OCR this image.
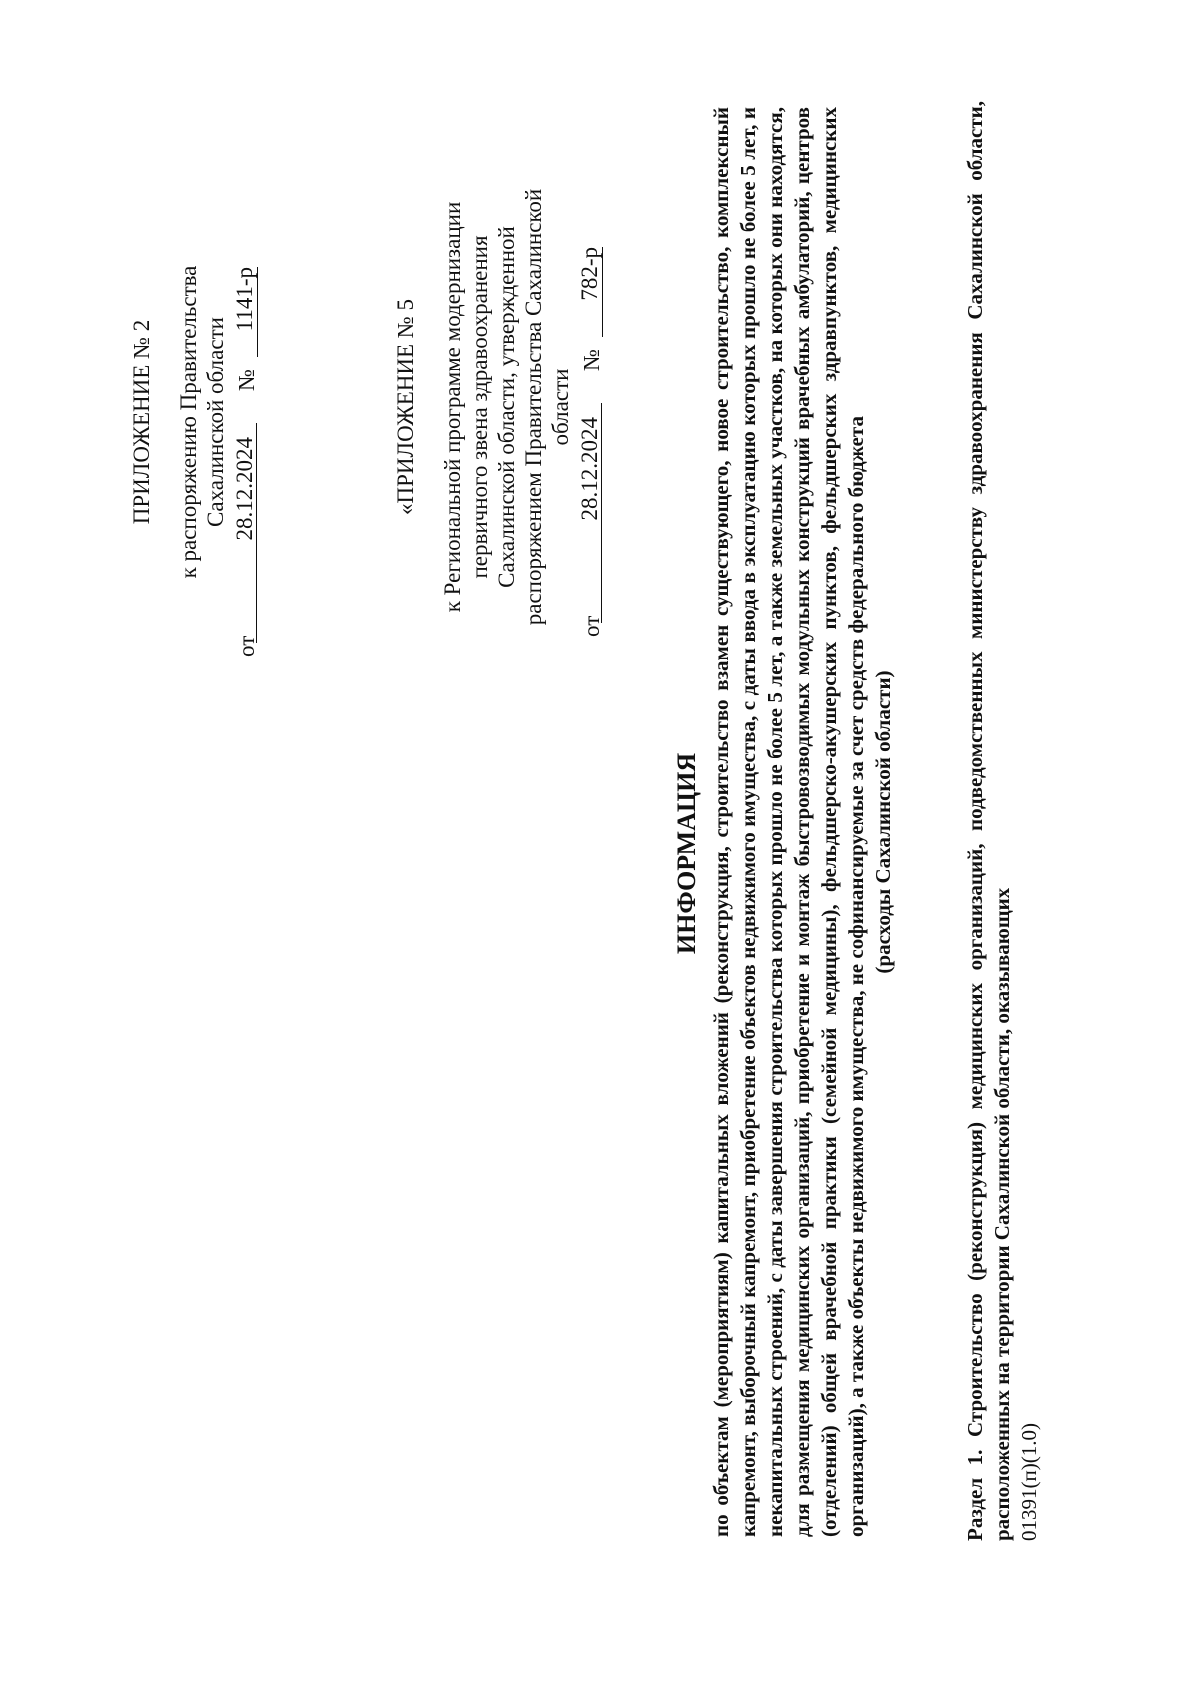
ПРИЛОЖЕНИЕ № 2 к распоряжению Правительства Сахалинской области
от
28.12.2024
№
1141-р	«ПРИЛОЖЕНИЕ № 5 к Региональной программе модернизации первичного звена здравоохранения Сахалинской области, утвержденной распоряжением Правительства Сахалинской области
от
28.12.2024
№
782-р
ИНФОРМАЦИЯ по объектам (мероприятиям) капитальных вложений (реконструкция, строительство взамен существующего, новое строительство, комплексный капремонт, выборочный капремонт, приобретение объектов недвижимого имущества, с даты ввода в эксплуатацию которых прошло не более 5 лет, и некапитальных строений, с даты завершения строительства которых прошло не более 5 лет, а также земельных участков, на которых они находятся, для размещения медицинских организаций, приобретение и монтаж быстровозводимых модульных конструкций врачебных амбулаторий, центров (отделений) общей врачебной практики (семейной медицины), фельдшерско-акушерских пунктов, фельдшерских здравпунктов, медицинских организаций), а также объекты недвижимого имущества, не софинансируемые за счет средств федерального бюджета (расходы Сахалинской области)
Раздел 1. Строительство (реконструкция) медицинских организаций, подведомственных министерству здравоохранения Сахалинской области, расположенных на территории Сахалинской области, оказывающих 01391(п)(1.0)
